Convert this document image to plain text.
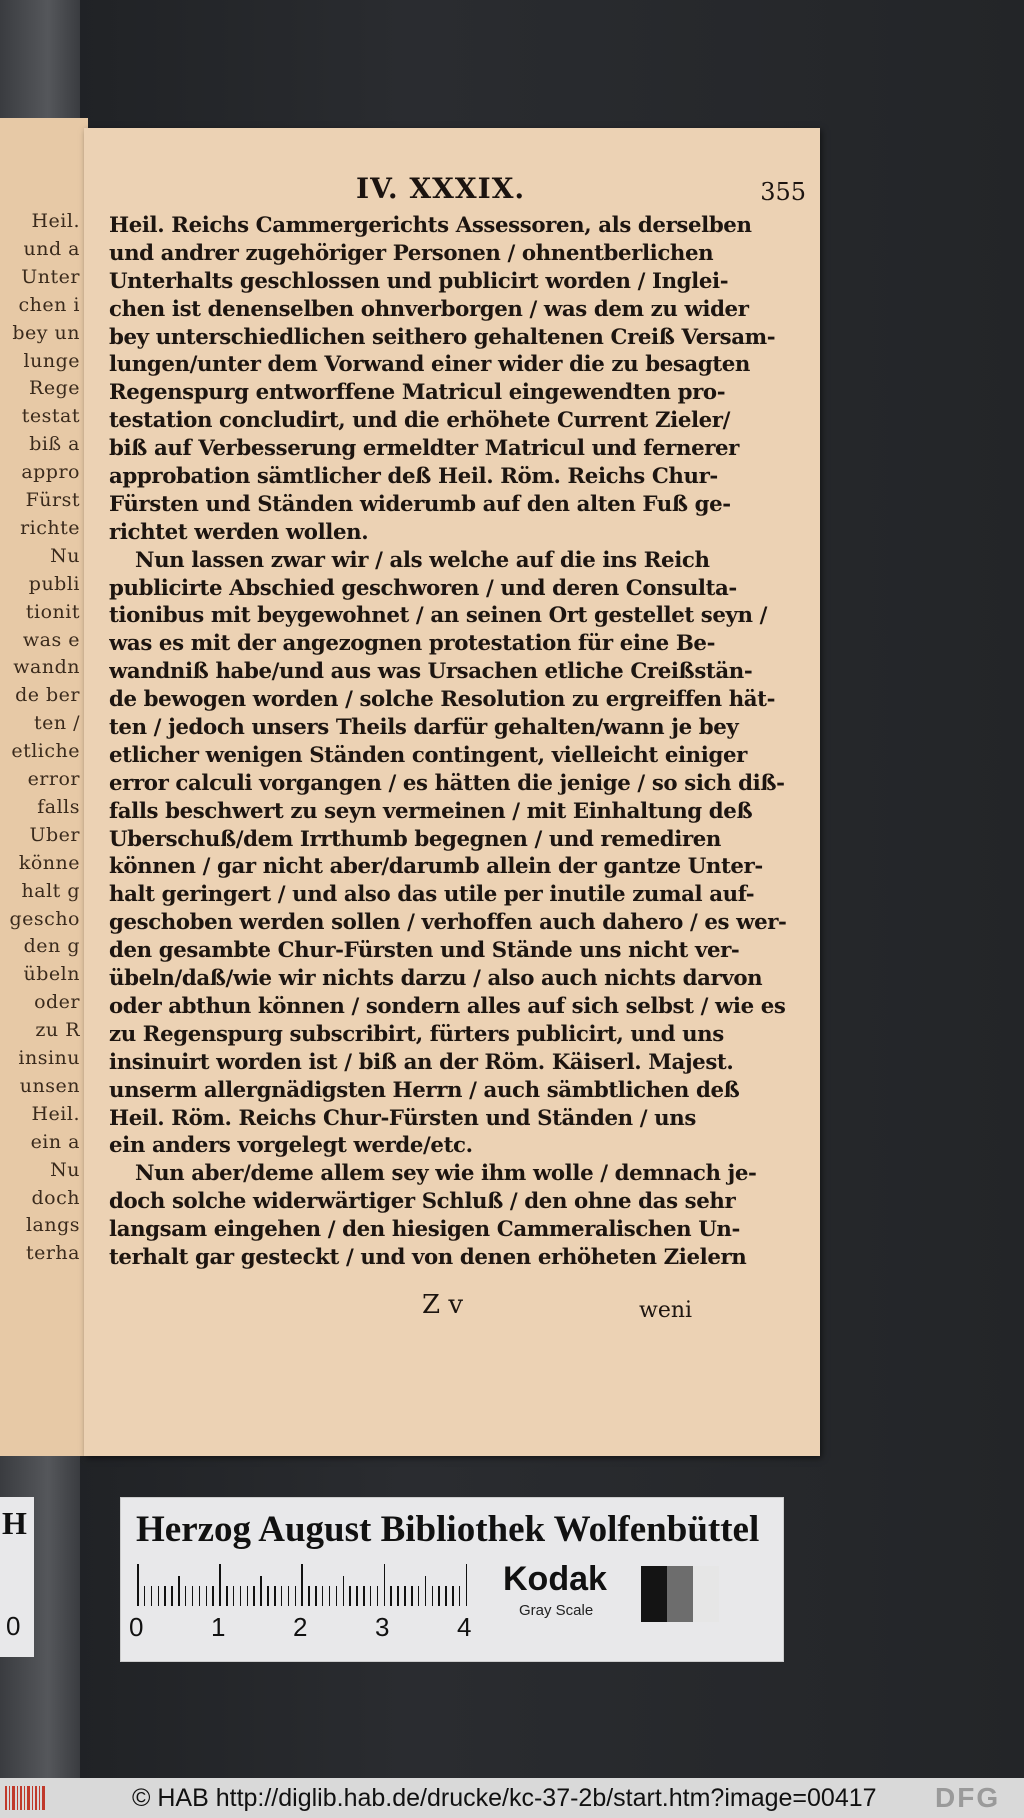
Heil.
und a
Unter
chen i
bey un
lunge
Rege
testat
biß a
appro
Fürst
richte
Nu
publi
tionit
was e
wandn
de ber
ten /
etliche
error
falls
Uber
könne
halt g
gescho
den g
übeln
oder
zu R
insinu
unsen
Heil.
ein a
Nu
doch
langs
terha
IV. XXXIX.	355
Heil. Reichs Cammergerichts Assessoren, als derselben
und andrer zugehöriger Personen / ohnentberlichen
Unterhalts geschlossen und publicirt worden / Inglei-
chen ist denenselben ohnverborgen / was dem zu wider
bey unterschiedlichen seithero gehaltenen Creiß Versam-
lungen/unter dem Vorwand einer wider die zu besagten
Regenspurg entworffene Matricul eingewendten pro-
testation concludirt, und die erhöhete Current Zieler/
biß auf Verbesserung ermeldter Matricul und fernerer
approbation sämtlicher deß Heil. Röm. Reichs Chur-
Fürsten und Ständen widerumb auf den alten Fuß ge-
richtet werden wollen.
Nun lassen zwar wir / als welche auf die ins Reich
publicirte Abschied geschworen / und deren Consulta-
tionibus mit beygewohnet / an seinen Ort gestellet seyn /
was es mit der angezognen protestation für eine Be-
wandniß habe/und aus was Ursachen etliche Creißstän-
de bewogen worden / solche Resolution zu ergreiffen hät-
ten / jedoch unsers Theils darfür gehalten/wann je bey
etlicher wenigen Ständen contingent, vielleicht einiger
error calculi vorgangen / es hätten die jenige / so sich diß-
falls beschwert zu seyn vermeinen / mit Einhaltung deß
Uberschuß/dem Irrthumb begegnen / und remediren
können / gar nicht aber/darumb allein der gantze Unter-
halt geringert / und also das utile per inutile zumal auf-
geschoben werden sollen / verhoffen auch dahero / es wer-
den gesambte Chur-Fürsten und Stände uns nicht ver-
übeln/daß/wie wir nichts darzu / also auch nichts darvon
oder abthun können / sondern alles auf sich selbst / wie es
zu Regenspurg subscribirt, fürters publicirt, und uns
insinuirt worden ist / biß an der Röm. Käiserl. Majest.
unserm allergnädigsten Herrn / auch sämbtlichen deß
Heil. Röm. Reichs Chur-Fürsten und Ständen / uns
ein anders vorgelegt werde/etc.
Nun aber/deme allem sey wie ihm wolle / demnach je-
doch solche widerwärtiger Schluß / den ohne das sehr
langsam eingehen / den hiesigen Cammeralischen Un-
terhalt gar gesteckt / und von denen erhöheten Zielern
Z v	weni
H
0
Herzog August Bibliothek Wolfenbüttel
0	1	2	3	4
Kodak
Gray Scale
© HAB http://diglib.hab.de/drucke/kc-37-2b/start.htm?image=00417 DFG
